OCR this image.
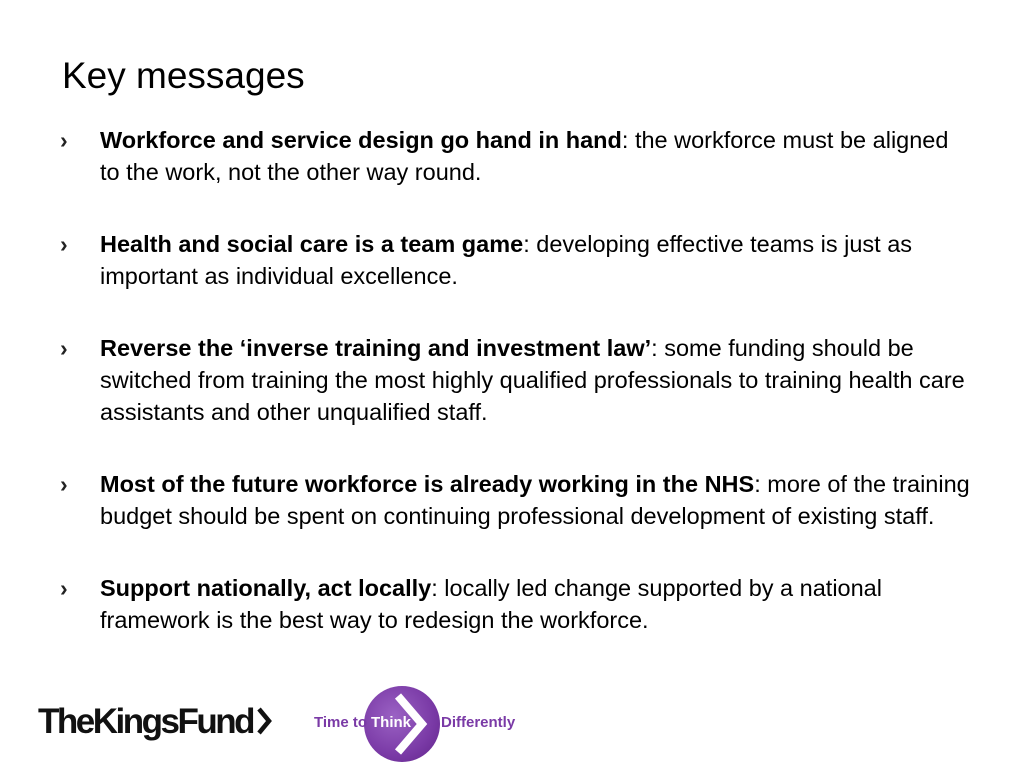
Key messages
› Workforce and service design go hand in hand: the workforce must be aligned to the work, not the other way round.
› Health and social care is a team game: developing effective teams is just as important as individual excellence.
› Reverse the ‘inverse training and investment law’: some funding should be switched from training the most highly qualified professionals to training health care assistants and other unqualified staff.
› Most of the future workforce is already working in the NHS: more of the training budget should be spent on continuing professional development of existing staff.
› Support nationally, act locally: locally led change supported by a national framework is the best way to redesign the workforce.
TheKingsFund	Time to Think Differently
